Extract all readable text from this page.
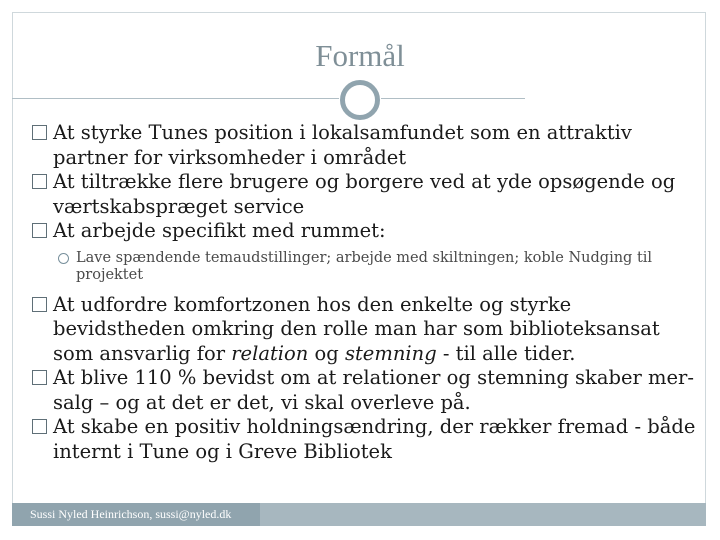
Formål
At styrke Tunes position i lokalsamfundet som en attraktiv partner for virksomheder i området
At tiltrække flere brugere og borgere ved at yde opsøgende og værtskabspræget service
At arbejde specifikt med rummet:
Lave spændende temaudstillinger; arbejde med skiltningen; koble Nudging til projektet
At udfordre komfortzonen hos den enkelte og styrke bevidstheden omkring den rolle man har som biblioteksansat som ansvarlig for relation og stemning - til alle tider.
At blive 110 % bevidst om at relationer og stemning skaber mer-salg – og at det er det, vi skal overleve på.
At skabe en positiv holdningsændring, der rækker fremad - både internt i Tune og i Greve Bibliotek
Sussi Nyled Heinrichson, sussi@nyled.dk
